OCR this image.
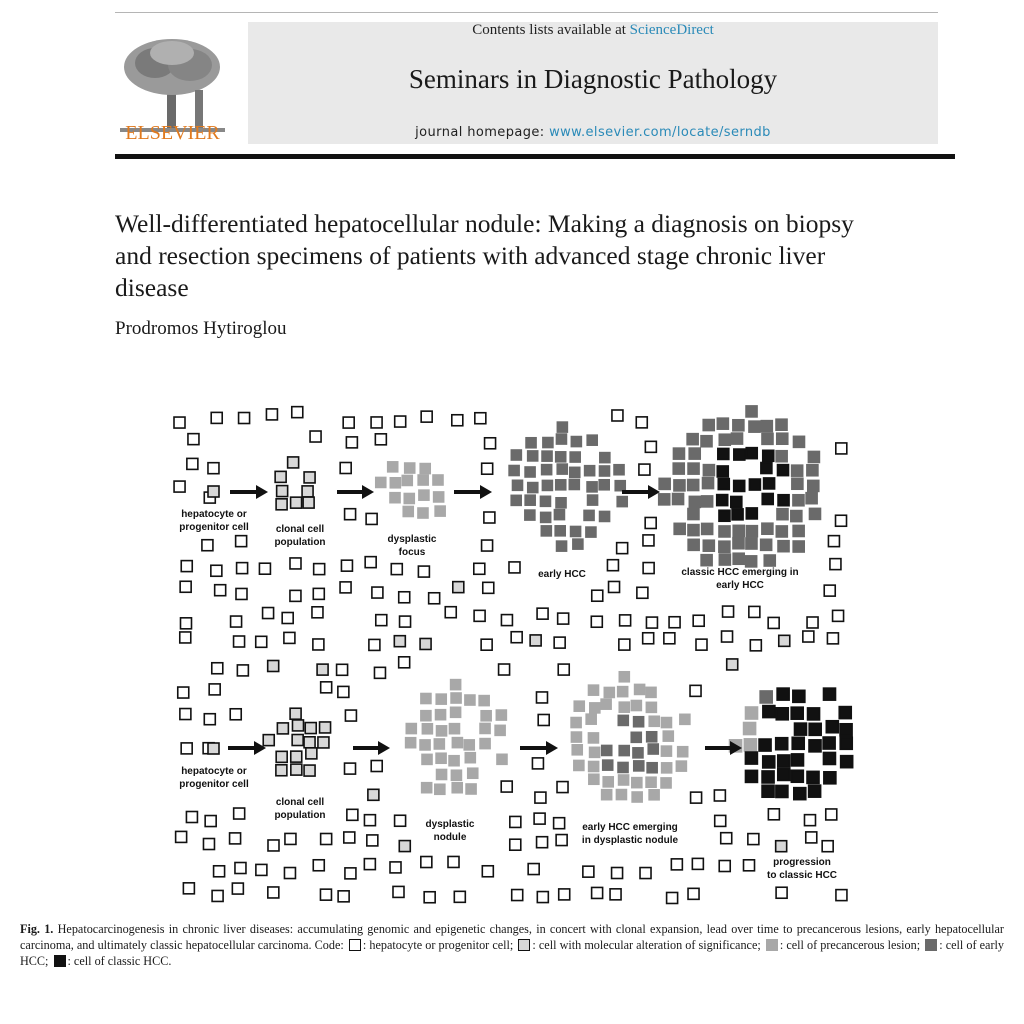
ELSEVIER
Contents lists available at ScienceDirect
Seminars in Diagnostic Pathology
journal homepage: www.elsevier.com/locate/serndb
Well-differentiated hepatocellular nodule: Making a diagnosis on biopsy and resection specimens of patients with advanced stage chronic liver disease
Prodromos Hytiroglou
hepatocyte or
progenitor cell	clonal cell
population	dysplastic
focus
early HCC	classic HCC emerging in
early HCC
hepatocyte or
progenitor cell
clonal cell
population
dysplastic
nodule
early HCC emerging
in dysplastic nodule
progression
to classic HCC
Fig. 1. Hepatocarcinogenesis in chronic liver diseases: accumulating genomic and epigenetic changes, in concert with clonal expansion, lead over time to precancerous lesions, early hepatocellular carcinoma, and ultimately classic hepatocellular carcinoma. Code: : hepatocyte or progenitor cell; : cell with molecular alteration of significance; : cell of precancerous lesion; : cell of early HCC; : cell of classic HCC.
